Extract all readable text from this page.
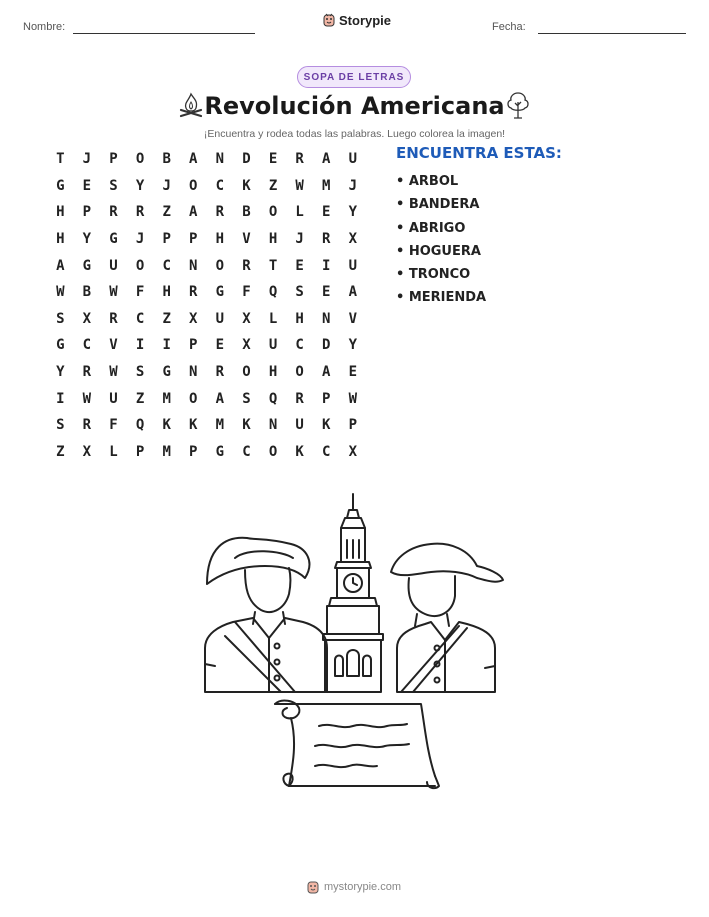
Nombre:	Storypie	Fecha:
SOPA DE LETRAS
Revolución Americana
¡Encuentra y rodea todas las palabras. Luego colorea la imagen!
T	J	P	O	B	A	N	D	E	R	A	U
G	E	S	Y	J	O	C	K	Z	W	M	J
H	P	R	R	Z	A	R	B	O	L	E	Y
H	Y	G	J	P	P	H	V	H	J	R	X
A	G	U	O	C	N	O	R	T	E	I	U
W	B	W	F	H	R	G	F	Q	S	E	A
S	X	R	C	Z	X	U	X	L	H	N	V
G	C	V	I	I	P	E	X	U	C	D	Y
Y	R	W	S	G	N	R	O	H	O	A	E
I	W	U	Z	M	O	A	S	Q	R	P	W
S	R	F	Q	K	K	M	K	N	U	K	P
Z	X	L	P	M	P	G	C	O	K	C	X
ENCUENTRA ESTAS:
• ARBOL
• BANDERA
• ABRIGO
• HOGUERA
• TRONCO
• MERIENDA
mystorypie.com
